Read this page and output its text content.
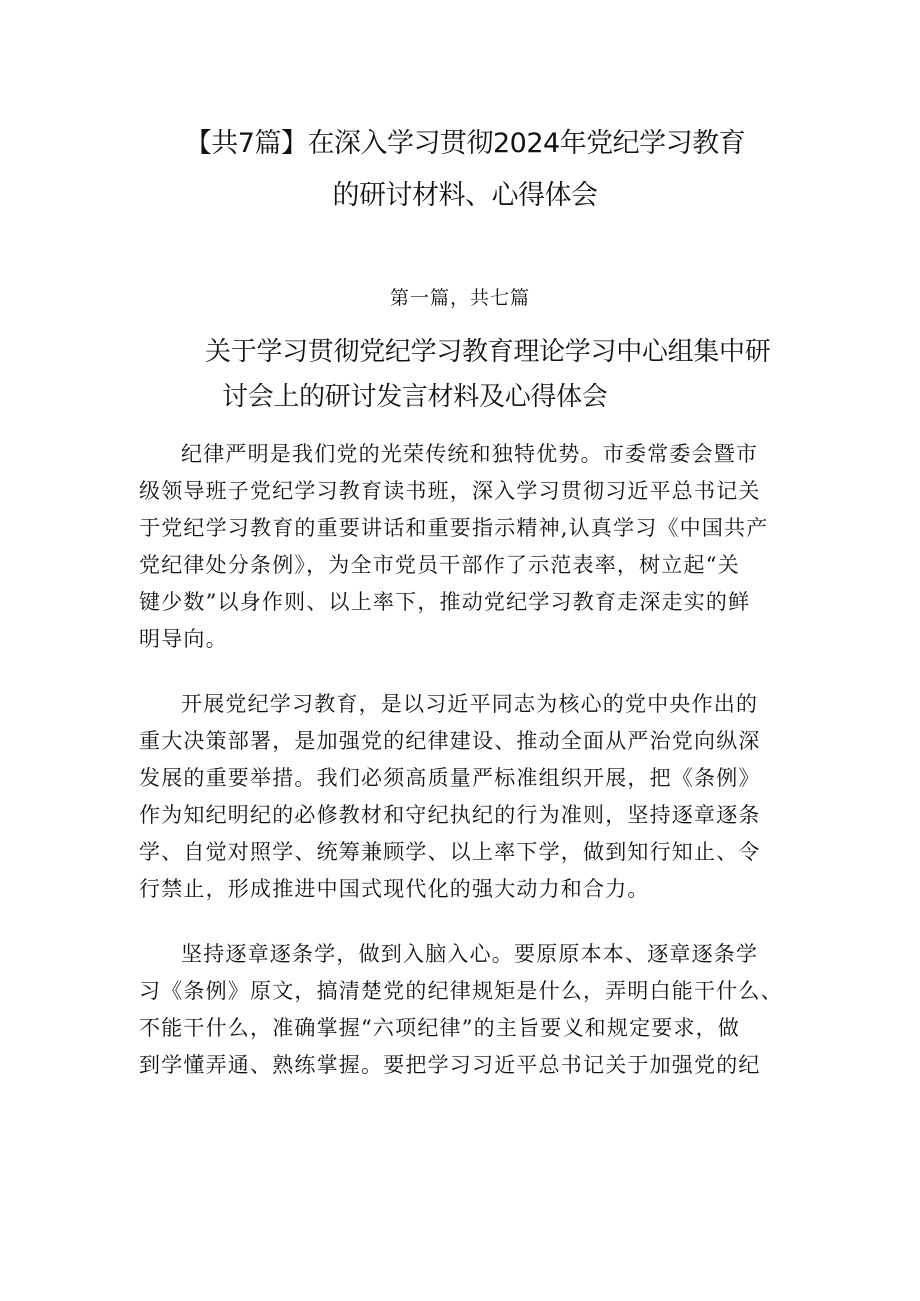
【共7篇】在深入学习贯彻2024年党纪学习教育
的研讨材料、心得体会
第一篇，共七篇
关于学习贯彻党纪学习教育理论学习中心组集中研
讨会上的研讨发言材料及心得体会

纪律严明是我们党的光荣传统和独特优势。市委常委会暨市
级领导班子党纪学习教育读书班，深入学习贯彻习近平总书记关
于党纪学习教育的重要讲话和重要指示精神,认真学习《中国共产
党纪律处分条例》，为全市党员干部作了示范表率，树立起“关
键少数”以身作则、以上率下，推动党纪学习教育走深走实的鲜
明导向。

开展党纪学习教育，是以习近平同志为核心的党中央作出的
重大决策部署，是加强党的纪律建设、推动全面从严治党向纵深
发展的重要举措。我们必须高质量严标准组织开展，把《条例》
作为知纪明纪的必修教材和守纪执纪的行为准则，坚持逐章逐条
学、自觉对照学、统筹兼顾学、以上率下学，做到知行知止、令
行禁止，形成推进中国式现代化的强大动力和合力。

坚持逐章逐条学，做到入脑入心。要原原本本、逐章逐条学
习《条例》原文，搞清楚党的纪律规矩是什么，弄明白能干什么、
不能干什么，准确掌握“六项纪律”的主旨要义和规定要求，做
到学懂弄通、熟练掌握。要把学习习近平总书记关于加强党的纪
